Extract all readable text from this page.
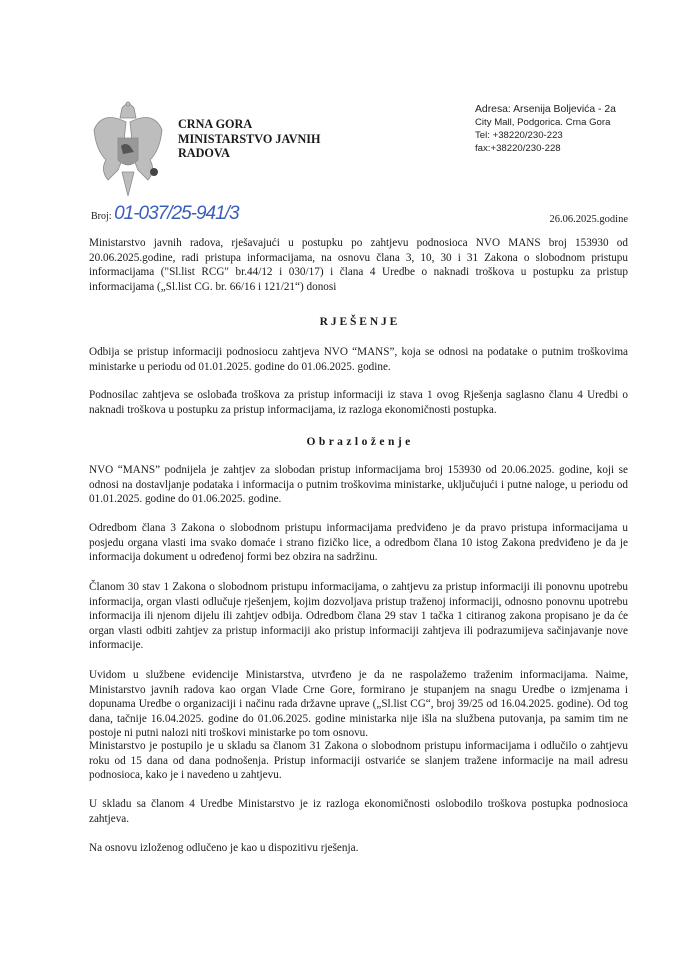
CRNA GORA
MINISTARSTVO JAVNIH
RADOVA
Adresa: Arsenija Boljevića - 2a
City Mall, Podgorica. Crna Gora
Tel: +38220/230-223
fax:+38220/230-228
Broj: 01-037/25-941/3	26.06.2025.godine
Ministarstvo javnih radova, rješavajući u postupku po zahtjevu podnosioca NVO MANS broj 153930 od 20.06.2025.godine, radi pristupa informacijama, na osnovu člana 3, 10, 30 i 31 Zakona o slobodnom pristupu informacijama ("Sl.list RCG" br.44/12 i 030/17) i člana 4 Uredbe o naknadi troškova u postupku za pristup informacijama („Sl.list CG. br. 66/16 i 121/21“) donosi
R J E Š E N J E
Odbija se pristup informaciji podnosiocu zahtjeva NVO “MANS”, koja se odnosi na podatake o putnim troškovima ministarke u periodu od 01.01.2025. godine do 01.06.2025. godine.
Podnosilac zahtjeva se oslobađa troškova za pristup informaciji iz stava 1 ovog Rješenja saglasno članu 4 Uredbi o naknadi troškova u postupku za pristup informacijama, iz razloga ekonomičnosti postupka.
O b r a z l o ž e n j e
NVO “MANS” podnijela je zahtjev za slobodan pristup informacijama broj 153930 od 20.06.2025. godine, koji se odnosi na dostavljanje podataka i informacija o putnim troškovima ministarke, uključujući i putne naloge, u periodu od 01.01.2025. godine do 01.06.2025. godine.
Odredbom člana 3 Zakona o slobodnom pristupu informacijama predviđeno je da pravo pristupa informacijama u posjedu organa vlasti ima svako domaće i strano fizičko lice, a odredbom člana 10 istog Zakona predviđeno je da je informacija dokument u određenoj formi bez obzira na sadržinu.
Članom 30 stav 1 Zakona o slobodnom pristupu informacijama, o zahtjevu za pristup informaciji ili ponovnu upotrebu informacija, organ vlasti odlučuje rješenjem, kojim dozvoljava pristup traženoj informaciji, odnosno ponovnu upotrebu informacija ili njenom dijelu ili zahtjev odbija. Odredbom člana 29 stav 1 tačka 1 citiranog zakona propisano je da će organ vlasti odbiti zahtjev za pristup informaciji ako pristup informaciji zahtjeva ili podrazumijeva sačinjavanje nove informacije.
Uvidom u službene evidencije Ministarstva, utvrđeno je da ne raspolažemo traženim informacijama. Naime, Ministarstvo javnih radova kao organ Vlade Crne Gore, formirano je stupanjem na snagu Uredbe o izmjenama i dopunama Uredbe o organizaciji i načinu rada državne uprave („Sl.list CG“, broj 39/25 od 16.04.2025. godine). Od tog dana, tačnije 16.04.2025. godine do 01.06.2025. godine ministarka nije išla na službena putovanja, pa samim tim ne postoje ni putni nalozi niti troškovi ministarke po tom osnovu.
Ministarstvo je postupilo je u skladu sa članom 31 Zakona o slobodnom pristupu informacijama i odlučilo o zahtjevu roku od 15 dana od dana podnošenja. Pristup informaciji ostvariće se slanjem tražene informacije na mail adresu podnosioca, kako je i navedeno u zahtjevu.
U skladu sa članom 4 Uredbe Ministarstvo je iz razloga ekonomičnosti oslobodilo troškova postupka podnosioca zahtjeva.
Na osnovu izloženog odlučeno je kao u dispozitivu rješenja.
